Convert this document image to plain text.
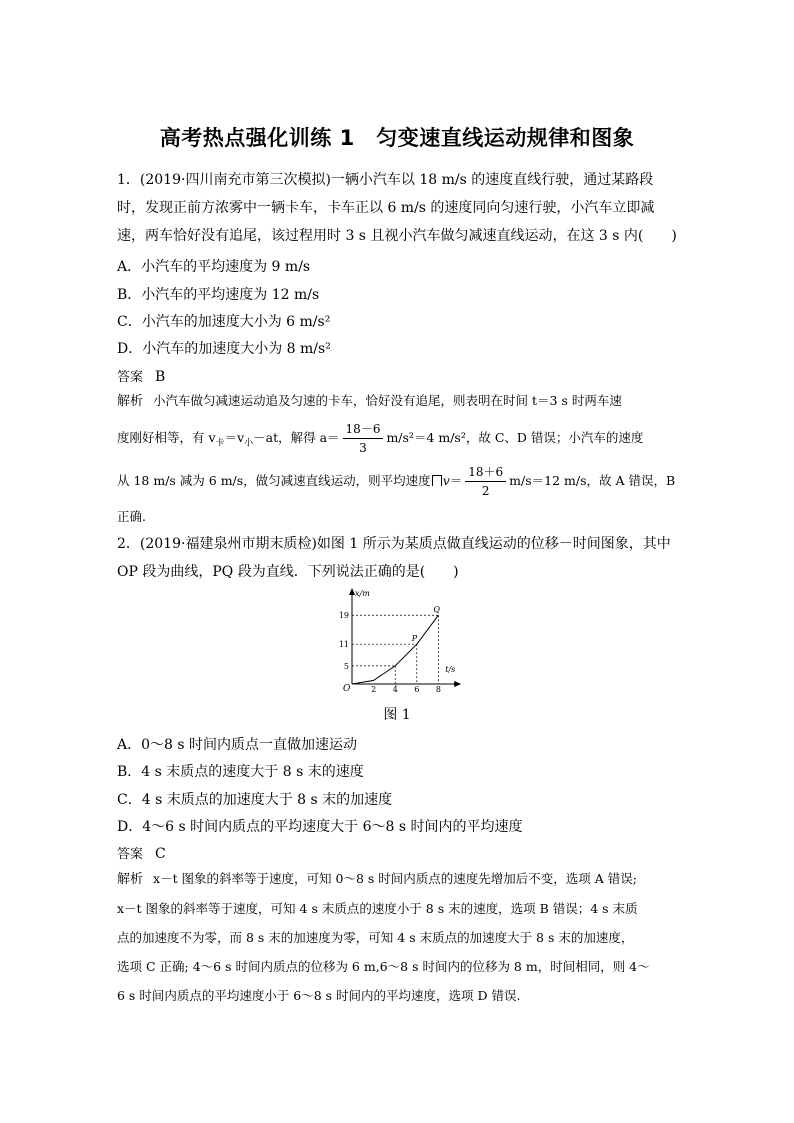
高考热点强化训练 1　匀变速直线运动规律和图象
1．(2019·四川南充市第三次模拟)一辆小汽车以 18 m/s 的速度直线行驶，通过某路段时，发现正前方浓雾中一辆卡车，卡车正以 6 m/s 的速度同向匀速行驶，小汽车立即减速，两车恰好没有追尾，该过程用时 3 s 且视小汽车做匀减速直线运动，在这 3 s 内(　　)
A．小汽车的平均速度为 9 m/s
B．小汽车的平均速度为 12 m/s
C．小汽车的加速度大小为 6 m/s²
D．小汽车的加速度大小为 8 m/s²
答案 B
解析 小汽车做匀减速运动追及匀速的卡车，恰好没有追尾，则表明在时间 t＝3 s 时两车速
度刚好相等，有 $v_卡=v_小-at$，解得 $a= \frac{18-6}{3} m/s^2=4$ m/s²，故 C、D 错误；小汽车的速度
从 18 m/s 减为 6 m/s，做匀减速直线运动，则平均速度 $v= \frac{18+6}{2} m/s=12$ m/s，故 A 错误，B
正确.
2．(2019·福建泉州市期末质检)如图 1 所示为某质点做直线运动的位移－时间图象，其中 OP 段为曲线，PQ 段为直线．下列说法正确的是(　　)
x/m
t/s
O	2 4 6 8
5
11
19
P
Q
图 1
A．0～8 s 时间内质点一直做加速运动
B．4 s 末质点的速度大于 8 s 末的速度
C．4 s 末质点的加速度大于 8 s 末的加速度
D．4～6 s 时间内质点的平均速度大于 6～8 s 时间内的平均速度
答案 C
解析 x－t 图象的斜率等于速度，可知 0～8 s 时间内质点的速度先增加后不变，选项 A 错误;
x－t 图象的斜率等于速度，可知 4 s 末质点的速度小于 8 s 末的速度，选项 B 错误；4 s 末质
点的加速度不为零，而 8 s 末的加速度为零，可知 4 s 末质点的加速度大于 8 s 末的加速度，
选项 C 正确; 4～6 s 时间内质点的位移为 6 m,6～8 s 时间内的位移为 8 m，时间相同，则 4～
6 s 时间内质点的平均速度小于 6～8 s 时间内的平均速度，选项 D 错误.
